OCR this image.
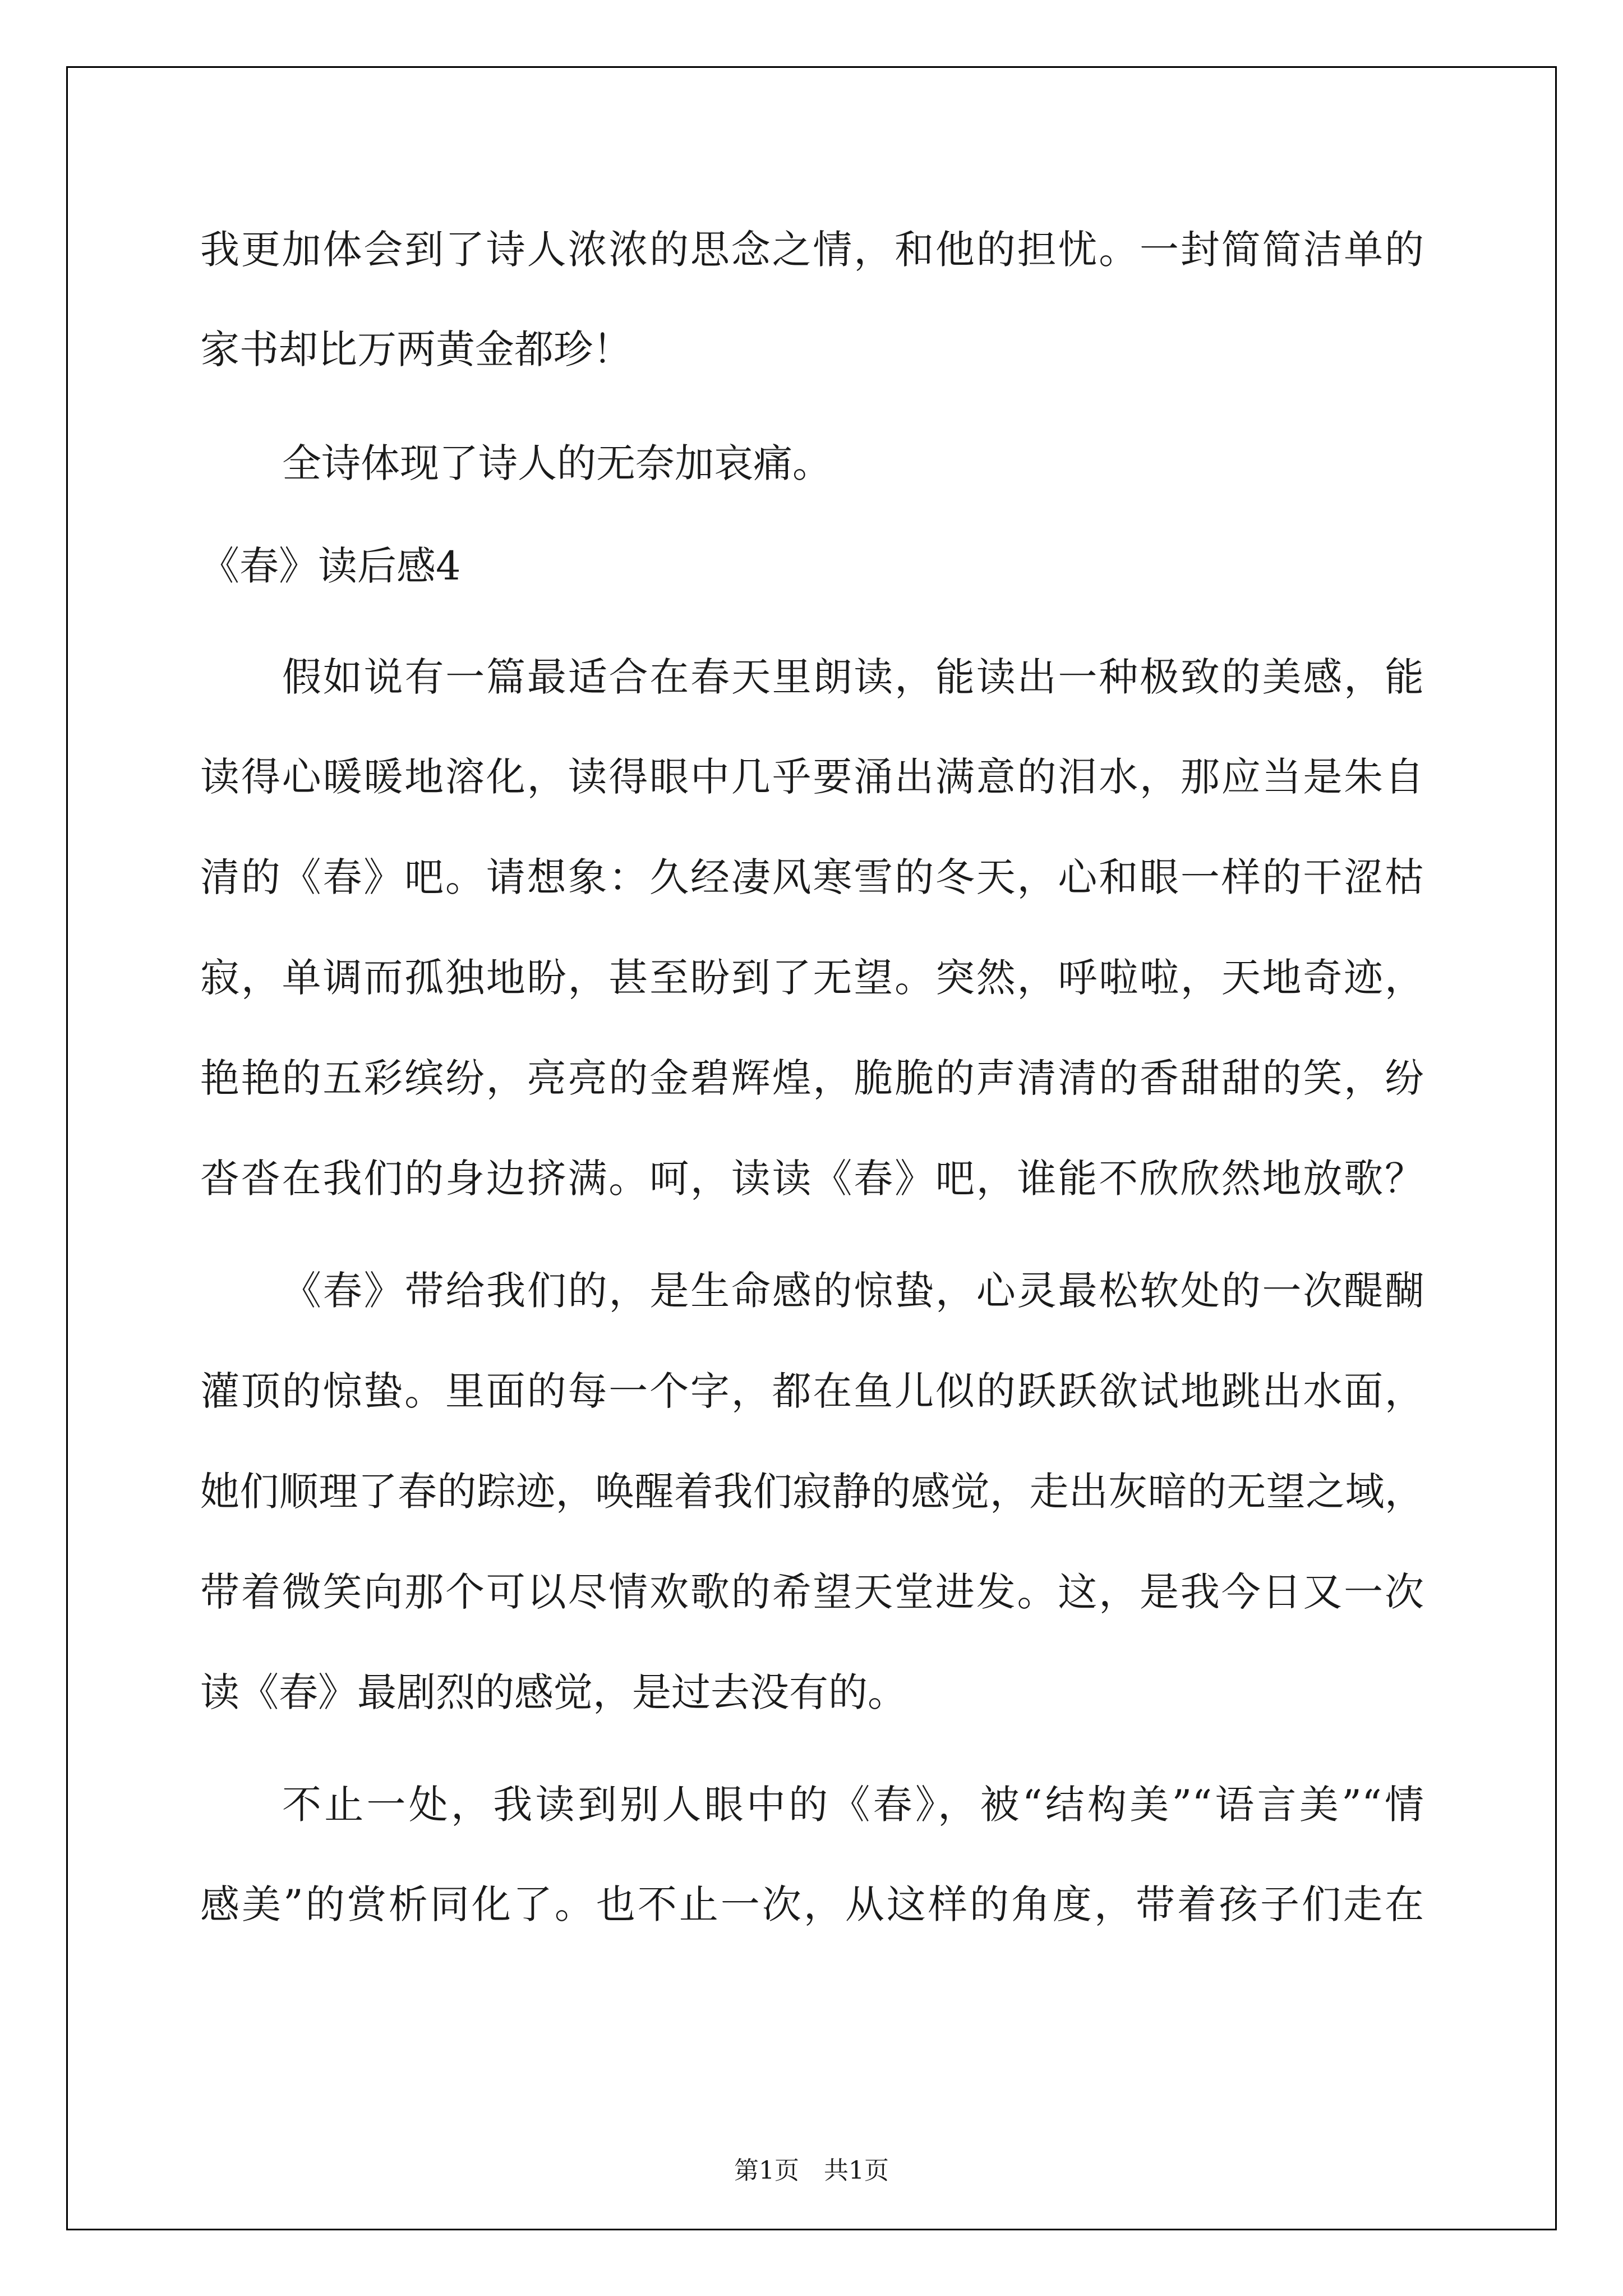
我更加体会到了诗人浓浓的思念之情，和他的担忧。一封简简洁单的
家书却比万两黄金都珍！
全诗体现了诗人的无奈加哀痛。
《春》读后感4
假如说有一篇最适合在春天里朗读，能读出一种极致的美感，能
读得心暖暖地溶化，读得眼中几乎要涌出满意的泪水，那应当是朱自
清的《春》吧。请想象：久经凄风寒雪的冬天，心和眼一样的干涩枯
寂，单调而孤独地盼，甚至盼到了无望。突然，呼啦啦，天地奇迹，
艳艳的五彩缤纷，亮亮的金碧辉煌，脆脆的声清清的香甜甜的笑，纷
沓沓在我们的身边挤满。呵，读读《春》吧，谁能不欣欣然地放歌？
《春》带给我们的，是生命感的惊蛰，心灵最松软处的一次醍醐
灌顶的惊蛰。里面的每一个字，都在鱼儿似的跃跃欲试地跳出水面，
她们顺理了春的踪迹，唤醒着我们寂静的感觉，走出灰暗的无望之域，
带着微笑向那个可以尽情欢歌的希望天堂进发。这，是我今日又一次
读《春》最剧烈的感觉，是过去没有的。
不止一处，我读到别人眼中的《春》，被“结构美”“语言美”“情
感美”的赏析同化了。也不止一次，从这样的角度，带着孩子们走在
第1页　共1页
